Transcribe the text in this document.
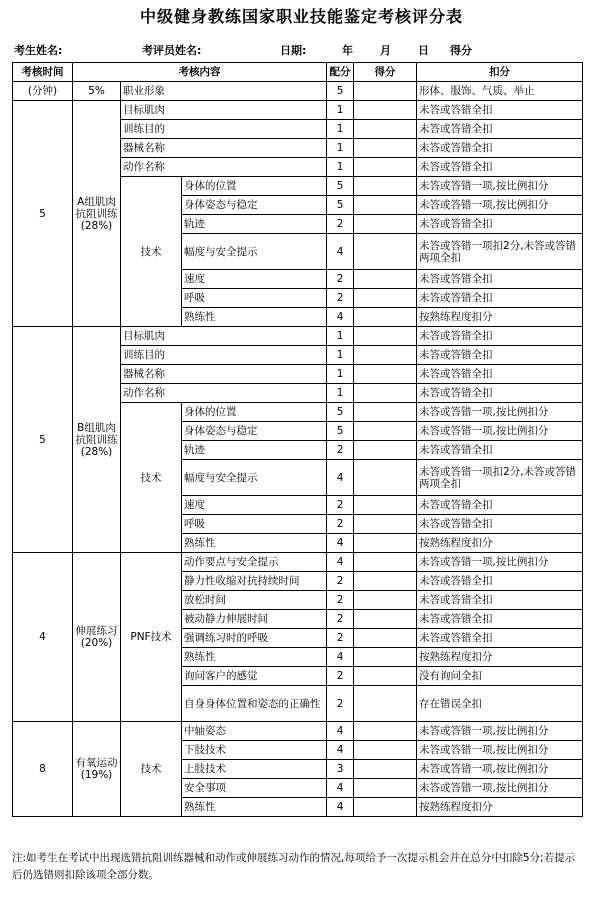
中级健身教练国家职业技能鉴定考核评分表
考生姓名:	考评员姓名:	日期:	年 月 日 得分
考核时间	考核内容			配分	得分	扣分
(分钟)	5%	职业形象		5		形体、服饰、气质、举止
5	A组肌肉抗阻训练(28%)	目标肌肉		1		未答或答错全扣
		训练目的		1		未答或答错全扣
		器械名称		1		未答或答错全扣
		动作名称		1		未答或答错全扣
		技术	身体的位置	5		未答或答错一项,按比例扣分
			身体姿态与稳定	5		未答或答错一项,按比例扣分
			轨迹	2		未答或答错全扣
			幅度与安全提示	4		未答或答错一项扣2分,未答或答错两项全扣
			速度	2		未答或答错全扣
			呼吸	2		未答或答错全扣
			熟练性	4		按熟练程度扣分
5	B组肌肉抗阻训练(28%)	目标肌肉		1		未答或答错全扣
		训练目的		1		未答或答错全扣
		器械名称		1		未答或答错全扣
		动作名称		1		未答或答错全扣
		技术	身体的位置	5		未答或答错一项,按比例扣分
			身体姿态与稳定	5		未答或答错一项,按比例扣分
			轨迹	2		未答或答错全扣
			幅度与安全提示	4		未答或答错一项扣2分,未答或答错两项全扣
			速度	2		未答或答错全扣
			呼吸	2		未答或答错全扣
			熟练性	4		按熟练程度扣分
4	伸展练习(20%)	PNF技术	动作要点与安全提示	4		未答或答错一项,按比例扣分
			静力性收缩对抗持续时间	2		未答或答错全扣
			放松时间	2		未答或答错全扣
			被动静力伸展时间	2		未答或答错全扣
			强调练习时的呼吸	2		未答或答错全扣
			熟练性	4		按熟练程度扣分
			询问客户的感觉	2		没有询问全扣
			自身身体位置和姿态的正确性	2		存在错误全扣
8	有氧运动(19%)	技术	中轴姿态	4		未答或答错一项,按比例扣分
			下肢技术	4		未答或答错一项,按比例扣分
			上肢技术	3		未答或答错一项,按比例扣分
			安全事项	4		未答或答错一项,按比例扣分
			熟练性	4		按熟练程度扣分
注:如考生在考试中出现选错抗阻训练器械和动作或伸展练习动作的情况,每项给予一次提示机会并在总分中扣除5分;若提示后仍选错则扣除该项全部分数。
